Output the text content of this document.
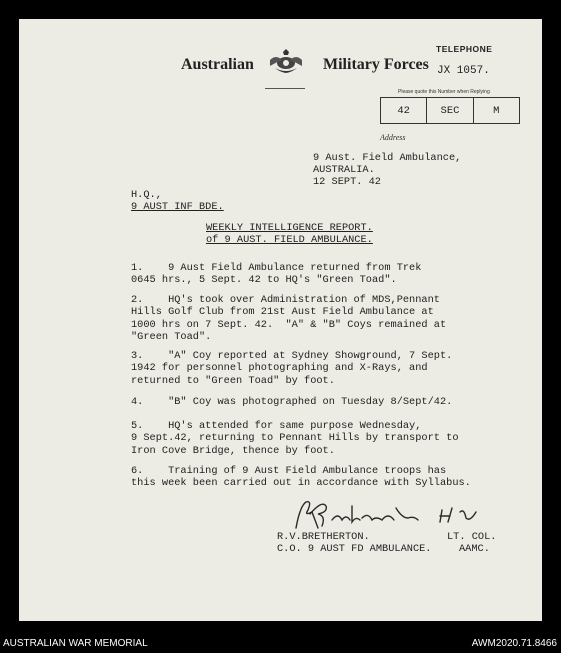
Australian	Military Forces
TELEPHONE
JX 1057.
Please quote this Number when Replying
42	SEC	M
Address
9 Aust. Field Ambulance,
AUSTRALIA.
12 SEPT. 42
H.Q.,
9 AUST INF BDE.
WEEKLY INTELLIGENCE REPORT.
of 9 AUST. FIELD AMBULANCE.

1.    9 Aust Field Ambulance returned from Trek

0645 hrs., 5 Sept. 42 to HQ's "Green Toad".

2.    HQ's took over Administration of MDS,Pennant

Hills Golf Club from 21st Aust Field Ambulance at

1000 hrs on 7 Sept. 42.  "A" & "B" Coys remained at

"Green Toad".

3.    "A" Coy reported at Sydney Showground, 7 Sept.

1942 for personnel photographing and X-Rays, and

returned to "Green Toad" by foot.

4.    "B" Coy was photographed on Tuesday 8/Sept/42.

5.    HQ's attended for same purpose Wednesday,

9 Sept.42, returning to Pennant Hills by transport to

Iron Cove Bridge, thence by foot.

6.    Training of 9 Aust Field Ambulance troops has

this week been carried out in accordance with Syllabus.

R.V.BRETHERTON.	LT. COL.
C.O. 9 AUST FD AMBULANCE.	AAMC.
AUSTRALIAN WAR MEMORIAL	AWM2020.71.8466
